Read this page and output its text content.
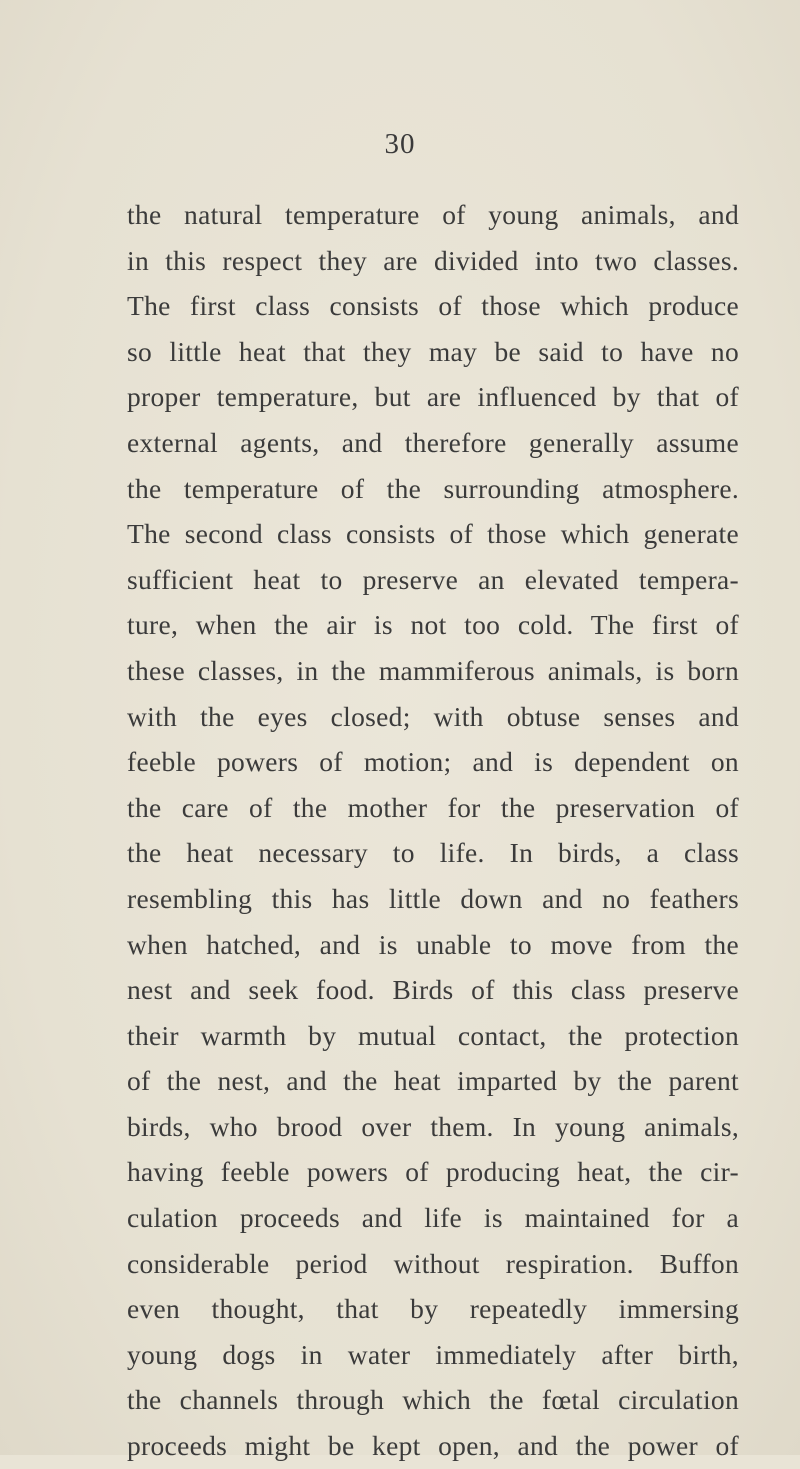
30
the natural temperature of young animals, and
in this respect they are divided into two classes.
The first class consists of those which produce
so little heat that they may be said to have no
proper temperature, but are influenced by that of
external agents, and therefore generally assume
the temperature of the surrounding atmosphere.
The second class consists of those which generate
sufficient heat to preserve an elevated tempera-
ture, when the air is not too cold. The first of
these classes, in the mammiferous animals, is born
with the eyes closed; with obtuse senses and
feeble powers of motion; and is dependent on
the care of the mother for the preservation of
the heat necessary to life. In birds, a class
resembling this has little down and no feathers
when hatched, and is unable to move from the
nest and seek food. Birds of this class preserve
their warmth by mutual contact, the protection
of the nest, and the heat imparted by the parent
birds, who brood over them. In young animals,
having feeble powers of producing heat, the cir-
culation proceeds and life is maintained for a
considerable period without respiration. Buffon
even thought, that by repeatedly immersing
young dogs in water immediately after birth,
the channels through which the fœtal circulation
proceeds might be kept open, and the power of
